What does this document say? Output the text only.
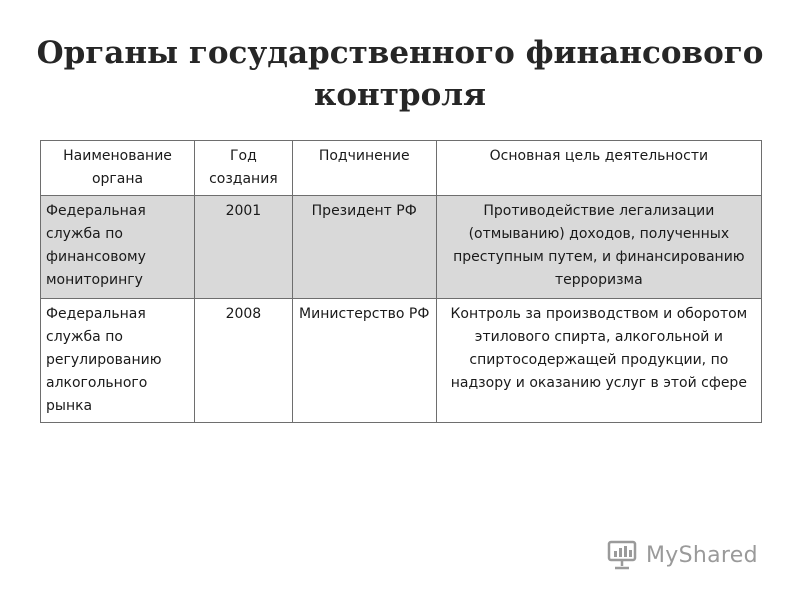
Органы государственного финансового
контроля
Наименование органа	Год создания	Подчинение	Основная цель деятельности
Федеральная служба по финансовому мониторингу	2001	Президент РФ	Противодействие легализации (отмыванию) доходов, полученных преступным путем, и финансированию терроризма
Федеральная служба по регулированию алкогольного рынка	2008	Министерство РФ	Контроль за производством и оборотом этилового спирта, алкогольной и спиртосодержащей продукции, по надзору и оказанию услуг в этой сфере
MyShared
